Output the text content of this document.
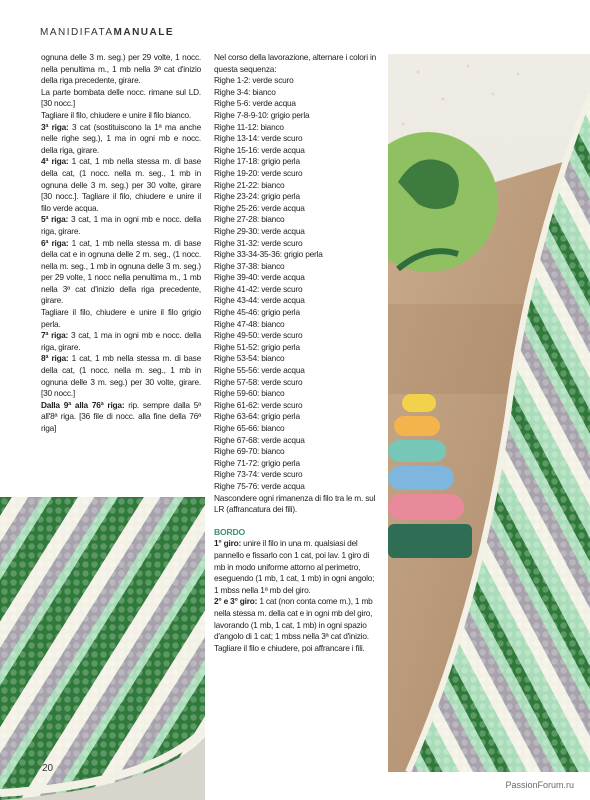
MANIDIFATAMANUALE

ognuna delle 3 m. seg.) per 29 volte, 1 nocc. nella penultima m., 1 mb nella 3ª cat d'inizio della riga precedente, girare.

La parte bombata delle nocc. rimane sul LD. [30 nocc.]

Tagliare il filo, chiudere e unire il filo bianco.

3ª riga: 3 cat (sostituiscono la 1ª ma anche nelle righe seg.), 1 ma in ogni mb e nocc. della riga, girare.

4ª riga: 1 cat, 1 mb nella stessa m. di base della cat, (1 nocc. nella m. seg., 1 mb in ognuna delle 3 m. seg.) per 30 volte, girare [30 nocc.]. Tagliare il filo, chiudere e unire il filo verde acqua.

5ª riga: 3 cat, 1 ma in ogni mb e nocc. della riga, girare.

6ª riga: 1 cat, 1 mb nella stessa m. di base della cat e in ognuna delle 2 m. seg., (1 nocc. nella m. seg., 1 mb in ognuna delle 3 m. seg.) per 29 volte, 1 nocc nella penultima m., 1 mb nella 3ª cat d'inizio della riga precedente, girare.

Tagliare il filo, chiudere e unire il filo grigio perla.

7ª riga: 3 cat, 1 ma in ogni mb e nocc. della riga, girare.

8ª riga: 1 cat, 1 mb nella stessa m. di base della cat, (1 nocc. nella m. seg., 1 mb in ognuna delle 3 m. seg.) per 30 volte, girare. [30 nocc.]

Dalla 9ª alla 76ª riga: rip. sempre dalla 5ª all'8ª riga. [36 file di nocc. alla fine della 76ª riga]

Nel corso della lavorazione, alternare i colori in questa sequenza:

Righe 1-2: verde scuro
Righe 3-4: bianco
Righe 5-6: verde acqua
Righe 7-8-9-10: grigio perla
Righe 11-12: bianco
Righe 13-14: verde scuro
Righe 15-16: verde acqua
Righe 17-18: grigio perla
Righe 19-20: verde scuro
Righe 21-22: bianco
Righe 23-24: grigio perla
Righe 25-26: verde acqua
Righe 27-28: bianco
Righe 29-30: verde acqua
Righe 31-32: verde scuro
Righe 33-34-35-36: grigio perla
Righe 37-38: bianco
Righe 39-40: verde acqua
Righe 41-42: verde scuro
Righe 43-44: verde acqua
Righe 45-46: grigio perla
Righe 47-48: bianco
Righe 49-50: verde scuro
Righe 51-52: grigio perla
Righe 53-54: bianco
Righe 55-56: verde acqua
Righe 57-58: verde scuro
Righe 59-60: bianco
Righe 61-62: verde scuro
Righe 63-64: grigio perla
Righe 65-66: bianco
Righe 67-68: verde acqua
Righe 69-70: bianco
Righe 71-72: grigio perla
Righe 73-74: verde scuro
Righe 75-76: verde acqua

Nascondere ogni rimanenza di filo tra le m. sul LR (affrancatura dei fili).

BORDO

1° giro: unire il filo in una m. qualsiasi del pannello e fissarlo con 1 cat, poi lav. 1 giro di mb in modo uniforme attorno al perimetro, eseguendo (1 mb, 1 cat, 1 mb) in ogni angolo; 1 mbss nella 1ª mb del giro.

2° e 3° giro: 1 cat (non conta come m.), 1 mb nella stessa m. della cat e in ogni mb del giro, lavorando (1 mb, 1 cat, 1 mb) in ogni spazio d'angolo di 1 cat; 1 mbss nella 3ª cat d'inizio. Tagliare il filo e chiudere, poi affrancare i fili.

20
PassionForum.ru
